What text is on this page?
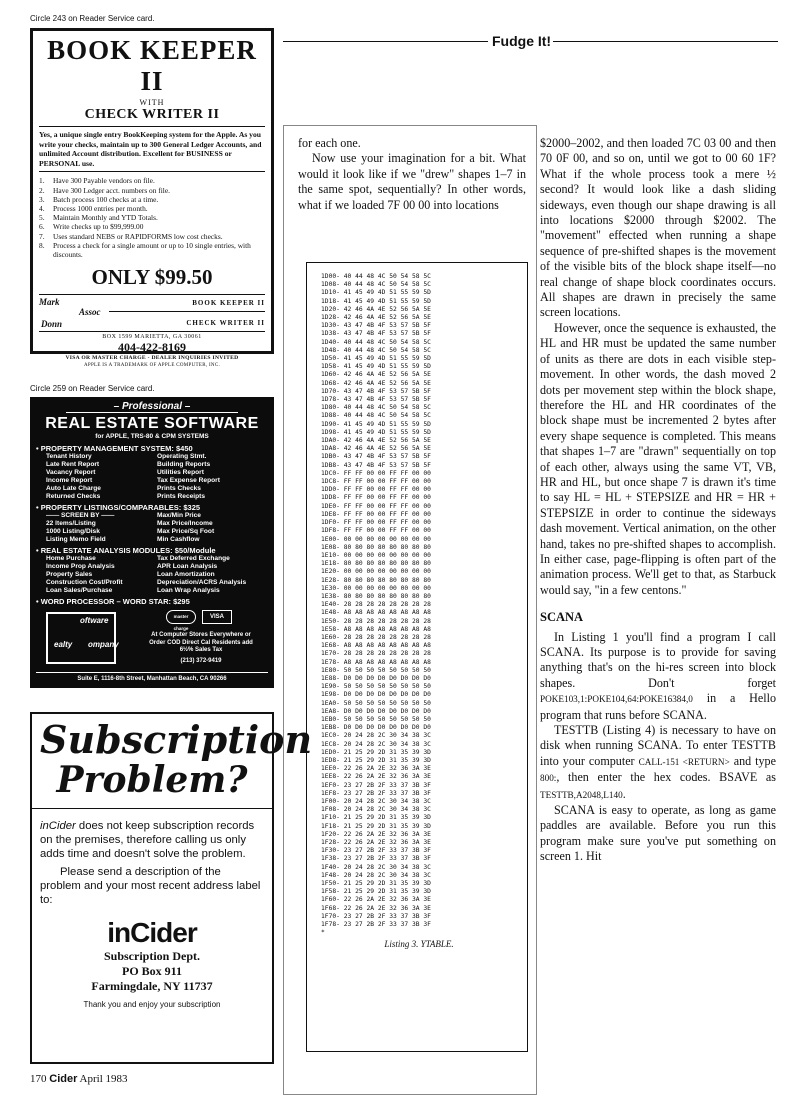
Circle 243 on Reader Service card.
BOOK KEEPER II
WITH
CHECK WRITER II
Yes, a unique single entry BookKeeping system for the Apple. As you write your checks, maintain up to 300 General Ledger Accounts, and unlimited Account distribution. Excellent for BUSINESS or PERSONAL use.
1.	Have 300 Payable vendors on file.
2.	Have 300 Ledger acct. numbers on file.
3.	Batch process 100 checks at a time.
4.	Process 1000 entries per month.
5.	Maintain Monthly and YTD Totals.
6.	Write checks up to $99,999.00
7.	Uses standard NEBS or RAPIDFORMS low cost checks.
8.	Process a check for a single amount or up to 10 single entries, with discounts.
ONLY $99.50
Mark
Assoc
Donn
BOOK KEEPER II
CHECK WRITER II
BOX 1599 MARIETTA, GA 30061
404-422-8169
VISA OR MASTER CHARGE - DEALER INQUIRIES INVITED
APPLE IS A TRADEMARK OF APPLE COMPUTER, INC.
Circle 259 on Reader Service card.
– Professional –
REAL ESTATE SOFTWARE
for APPLE, TRS-80 & CPM SYSTEMS
• PROPERTY MANAGEMENT SYSTEM: $450
Tenant History	Operating Stmt.
Late Rent Report	Building Reports
Vacancy Report	Utilities Report
Income Report	Tax Expense Report
Auto Late Charge	Prints Checks
Returned Checks	Prints Receipts
• PROPERTY LISTINGS/COMPARABLES: $325
—— SCREEN BY ——	Max/Min Price
22 Items/Listing	Max Price/Income
1000 Listing/Disk	Max Price/Sq Foot
Listing Memo Field	Min Cashflow
• REAL ESTATE ANALYSIS MODULES: $50/Module
Home Purchase	Tax Deferred Exchange
Income Prop Analysis	APR Loan Analysis
Property Sales	Loan Amortization
Construction Cost/Profit	Depreciation/ACRS Analysis
Loan Sales/Purchase	Loan Wrap Analysis
• WORD PROCESSOR – WORD STAR: $295
oftware
ealty ompany
master charge
VISA
At Computer Stores Everywhere or Order COD Direct Cal Residents add 6½% Sales Tax
(213) 372-9419
Suite E, 1116-8th Street, Manhattan Beach, CA 90266
Subscription
Problem?
inCider does not keep subscription records on the premises, therefore calling us only adds time and doesn't solve the problem.
Please send a description of the problem and your most recent address label to:
inCider
Subscription Dept.
PO Box 911
Farmingdale, NY 11737
Thank you and enjoy your subscription
Fudge It!

for each one.

Now use your imagination for a bit. What would it look like if we "drew" shapes 1–7 in the same spot, sequentially? In other words, what if we loaded 7F 00 00 into locations

1D00- 40 44 48 4C 50 54 58 5C
1D08- 40 44 48 4C 50 54 58 5C
1D10- 41 45 49 4D 51 55 59 5D
1D18- 41 45 49 4D 51 55 59 5D
1D20- 42 46 4A 4E 52 56 5A 5E
1D28- 42 46 4A 4E 52 56 5A 5E
1D30- 43 47 4B 4F 53 57 5B 5F
1D38- 43 47 4B 4F 53 57 5B 5F
1D40- 40 44 48 4C 50 54 58 5C
1D48- 40 44 48 4C 50 54 58 5C
1D50- 41 45 49 4D 51 55 59 5D
1D58- 41 45 49 4D 51 55 59 5D
1D60- 42 46 4A 4E 52 56 5A 5E
1D68- 42 46 4A 4E 52 56 5A 5E
1D70- 43 47 4B 4F 53 57 5B 5F
1D78- 43 47 4B 4F 53 57 5B 5F
1D80- 40 44 48 4C 50 54 58 5C
1D88- 40 44 48 4C 50 54 58 5C
1D90- 41 45 49 4D 51 55 59 5D
1D98- 41 45 49 4D 51 55 59 5D
1DA0- 42 46 4A 4E 52 56 5A 5E
1DA8- 42 46 4A 4E 52 56 5A 5E
1DB0- 43 47 4B 4F 53 57 5B 5F
1DB8- 43 47 4B 4F 53 57 5B 5F
1DC0- FF FF 00 00 FF FF 00 00
1DC8- FF FF 00 00 FF FF 00 00
1DD0- FF FF 00 00 FF FF 00 00
1DD8- FF FF 00 00 FF FF 00 00
1DE0- FF FF 00 00 FF FF 00 00
1DE8- FF FF 00 00 FF FF 00 00
1DF0- FF FF 00 00 FF FF 00 00
1DF8- FF FF 00 00 FF FF 00 00
1E00- 00 00 00 00 00 00 00 00
1E08- 80 80 80 80 80 80 80 80
1E10- 00 00 00 00 00 00 00 00
1E18- 80 80 80 80 80 80 80 80
1E20- 00 00 00 00 00 00 00 00
1E28- 80 80 80 80 80 80 80 80
1E30- 00 00 00 00 00 00 00 00
1E38- 80 80 80 80 80 80 80 80
1E40- 28 28 28 28 28 28 28 28
1E48- A8 A8 A8 A8 A8 A8 A8 A8
1E50- 28 28 28 28 28 28 28 28
1E58- A8 A8 A8 A8 A8 A8 A8 A8
1E60- 28 28 28 28 28 28 28 28
1E68- A8 A8 A8 A8 A8 A8 A8 A8
1E70- 28 28 28 28 28 28 28 28
1E78- A8 A8 A8 A8 A8 A8 A8 A8
1E80- 50 50 50 50 50 50 50 50
1E88- D0 D0 D0 D0 D0 D0 D0 D0
1E90- 50 50 50 50 50 50 50 50
1E98- D0 D0 D0 D0 D0 D0 D0 D0
1EA0- 50 50 50 50 50 50 50 50
1EA8- D0 D0 D0 D0 D0 D0 D0 D0
1EB0- 50 50 50 50 50 50 50 50
1EB8- D0 D0 D0 D0 D0 D0 D0 D0
1EC0- 20 24 28 2C 30 34 38 3C
1EC8- 20 24 28 2C 30 34 38 3C
1ED0- 21 25 29 2D 31 35 39 3D
1ED8- 21 25 29 2D 31 35 39 3D
1EE0- 22 26 2A 2E 32 36 3A 3E
1EE8- 22 26 2A 2E 32 36 3A 3E
1EF0- 23 27 2B 2F 33 37 3B 3F
1EF8- 23 27 2B 2F 33 37 3B 3F
1F00- 20 24 28 2C 30 34 38 3C
1F08- 20 24 28 2C 30 34 38 3C
1F10- 21 25 29 2D 31 35 39 3D
1F18- 21 25 29 2D 31 35 39 3D
1F20- 22 26 2A 2E 32 36 3A 3E
1F28- 22 26 2A 2E 32 36 3A 3E
1F30- 23 27 2B 2F 33 37 3B 3F
1F38- 23 27 2B 2F 33 37 3B 3F
1F40- 20 24 28 2C 30 34 38 3C
1F48- 20 24 28 2C 30 34 38 3C
1F50- 21 25 29 2D 31 35 39 3D
1F58- 21 25 29 2D 31 35 39 3D
1F60- 22 26 2A 2E 32 36 3A 3E
1F68- 22 26 2A 2E 32 36 3A 3E
1F70- 23 27 2B 2F 33 37 3B 3F
1F78- 23 27 2B 2F 33 37 3B 3F
*
Listing 3. YTABLE.

$2000–2002, and then loaded 7C 03 00 and then 70 0F 00, and so on, until we got to 00 60 1F? What if the whole process took a mere ½ second? It would look like a dash sliding sideways, even though our shape drawing is all into locations $2000 through $2002. The "movement" effected when running a shape sequence of pre-shifted shapes is the movement of the visible bits of the block shape itself—no real change of shape block coordinates occurs. All shapes are drawn in precisely the same screen locations.

However, once the sequence is exhausted, the HL and HR must be updated the same number of units as there are dots in each visible step-movement. In other words, the dash moved 2 dots per movement step within the block shape, therefore the HL and HR coordinates of the block shape must be incremented 2 bytes after every shape sequence is completed. This means that shapes 1–7 are "drawn" sequentially on top of each other, always using the same VT, VB, HR and HL, but once shape 7 is drawn it's time to say HL = HL + STEPSIZE and HR = HR + STEPSIZE in order to continue the sideways dash movement. Vertical animation, on the other hand, takes no pre-shifted shapes to accomplish. In either case, page-flipping is often part of the animation process. We'll get to that, as Starbuck would say, "in a few centons."

SCANA

In Listing 1 you'll find a program I call SCANA. Its purpose is to provide for saving anything that's on the hi-res screen into block shapes. Don't forget POKE103,1:POKE104,64:POKE16384,0 in a Hello program that runs before SCANA.

TESTTB (Listing 4) is necessary to have on disk when running SCANA. To enter TESTTB into your computer CALL-151 <RETURN> and type 800:, then enter the hex codes. BSAVE as TESTTB,A2048,L140.

SCANA is easy to operate, as long as game paddles are available. Before you run this program make sure you've put something on screen 1. Hit

170 Cider April 1983
